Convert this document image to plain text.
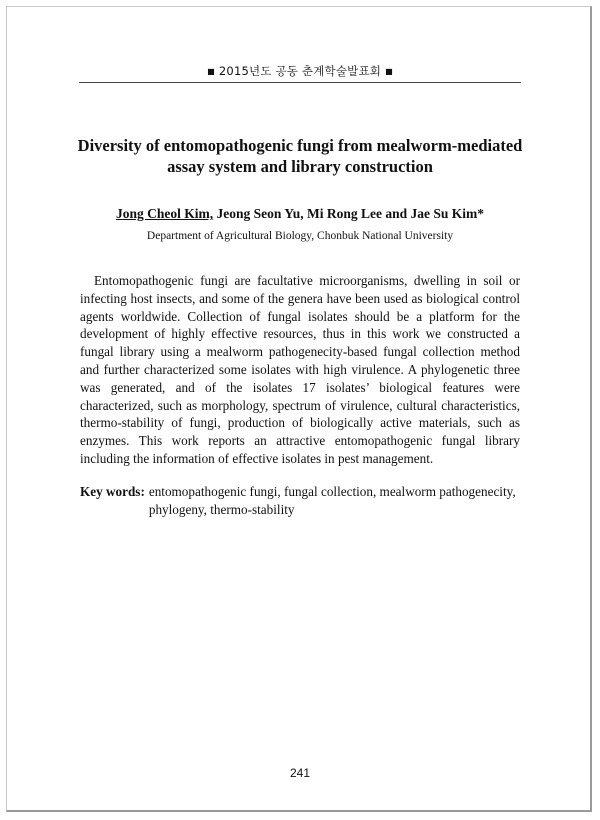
■ 2015년도 공동 춘계학술발표회 ■
Diversity of entomopathogenic fungi from mealworm-mediated assay system and library construction
Jong Cheol Kim, Jeong Seon Yu, Mi Rong Lee and Jae Su Kim*
Department of Agricultural Biology, Chonbuk National University

Entomopathogenic fungi are facultative microorganisms, dwelling in soil or infecting host insects, and some of the genera have been used as biological control agents worldwide. Collection of fungal isolates should be a platform for the development of highly effective resources, thus in this work we constructed a fungal library using a mealworm pathogenecity-based fungal collection method and further characterized some isolates with high virulence. A phylogenetic three was generated, and of the isolates 17 isolates’ biological features were characterized, such as morphology, spectrum of virulence, cultural characteristics, thermo-stability of fungi, production of biologically active materials, such as enzymes. This work reports an attractive entomopathogenic fungal library including the information of effective isolates in pest management.

Key words: entomopathogenic fungi, fungal collection, mealworm pathogenecity, phylogeny, thermo-stability
241
